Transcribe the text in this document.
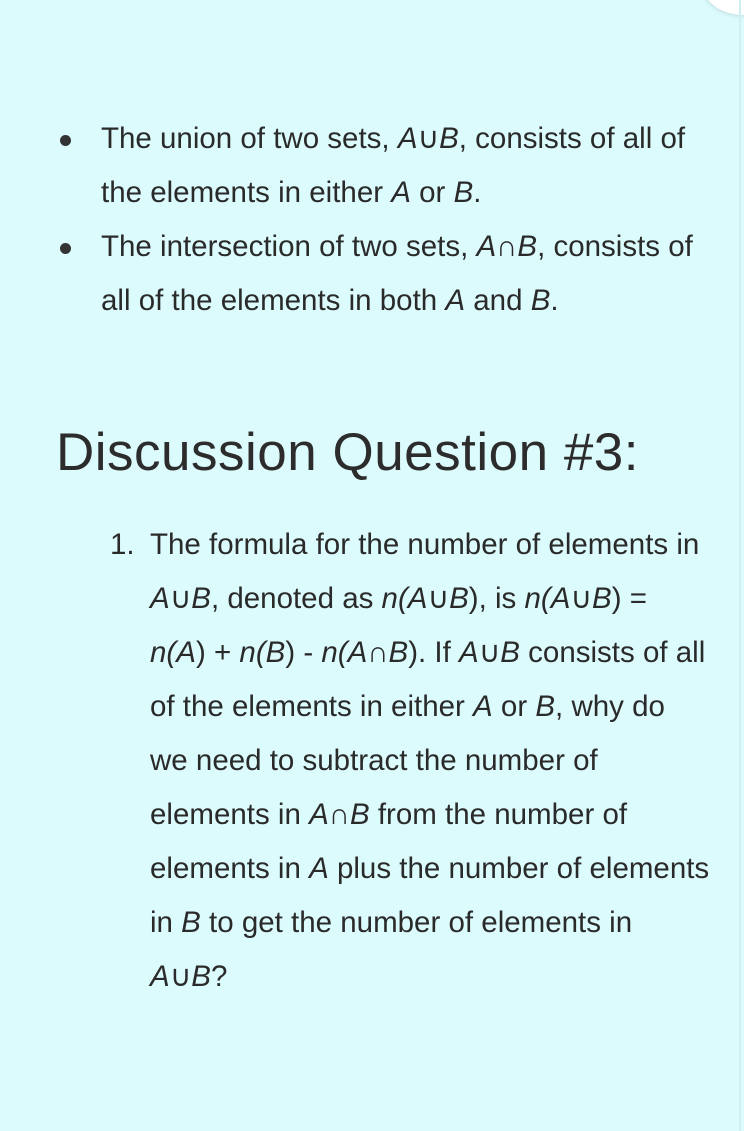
The union of two sets, A∪B, consists of all of the elements in either A or B.
The intersection of two sets, A∩B, consists of all of the elements in both A and B.
Discussion Question #3:
1. The formula for the number of elements in A∪B, denoted as n(A∪B), is n(A∪B) = n(A) + n(B) - n(A∩B). If A∪B consists of all of the elements in either A or B, why do we need to subtract the number of elements in A∩B from the number of elements in A plus the number of elements in B to get the number of elements in A∪B?
